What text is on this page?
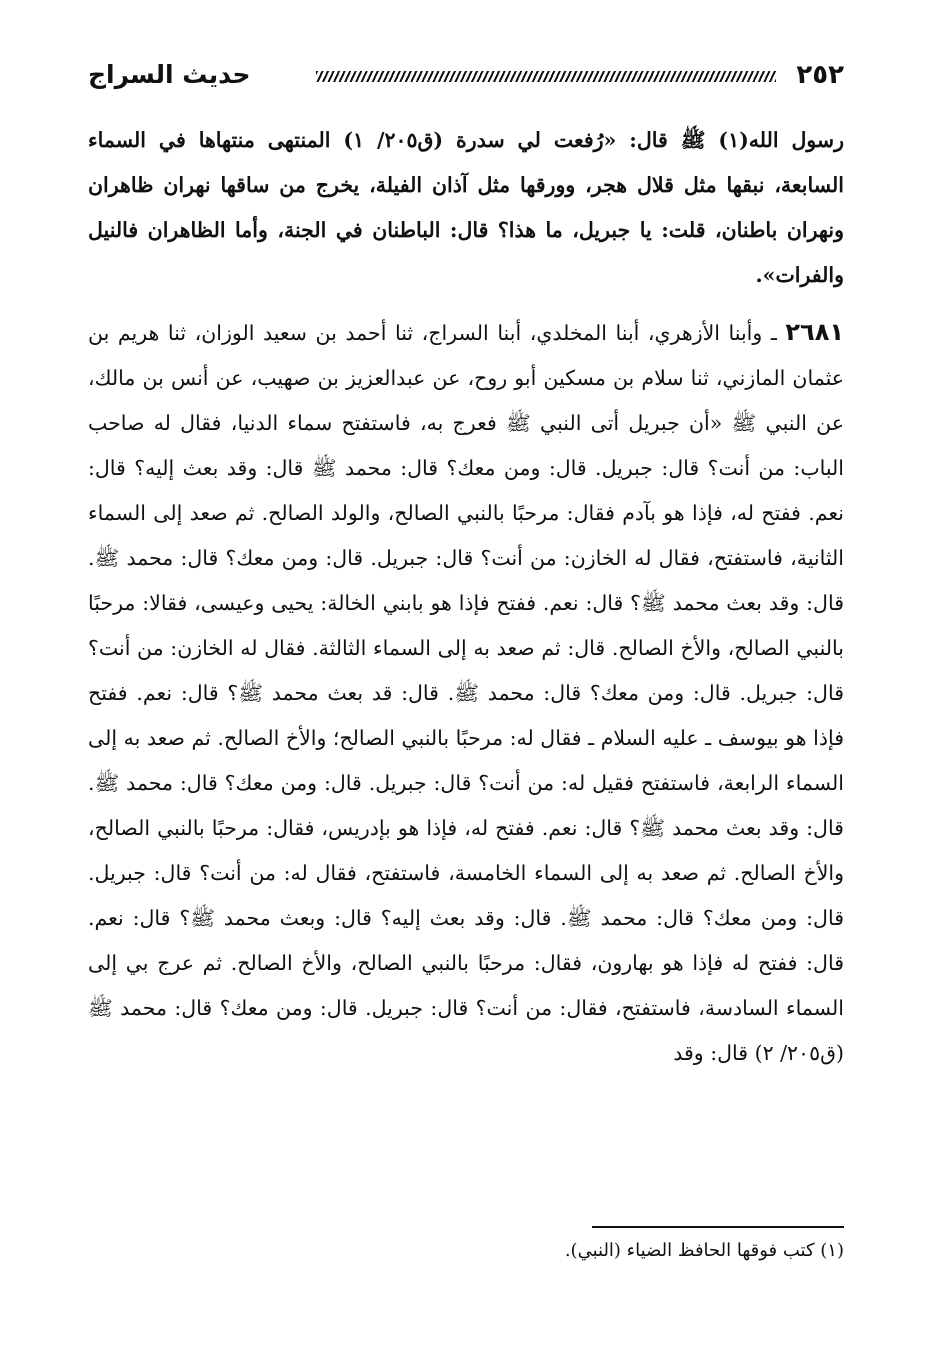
٢٥٢
حديث السراج

رسول الله(١) ﷺ قال: «رُفعت لي سدرة (ق٢٠٥/ ١) المنتهى منتهاها في السماء السابعة، نبقها مثل قلال هجر، وورقها مثل آذان الفيلة، يخرج من ساقها نهران ظاهران ونهران باطنان، قلت: يا جبريل، ما هذا؟ قال: الباطنان في الجنة، وأما الظاهران فالنيل والفرات».

٢٦٨١ ـ وأبنا الأزهري، أبنا المخلدي، أبنا السراج، ثنا أحمد بن سعيد الوزان، ثنا هريم بن عثمان المازني، ثنا سلام بن مسكين أبو روح، عن عبدالعزيز بن صهيب، عن أنس بن مالك، عن النبي ﷺ «أن جبريل أتى النبي ﷺ فعرج به، فاستفتح سماء الدنيا، فقال له صاحب الباب: من أنت؟ قال: جبريل. قال: ومن معك؟ قال: محمد ﷺ قال: وقد بعث إليه؟ قال: نعم. ففتح له، فإذا هو بآدم فقال: مرحبًا بالنبي الصالح، والولد الصالح. ثم صعد إلى السماء الثانية، فاستفتح، فقال له الخازن: من أنت؟ قال: جبريل. قال: ومن معك؟ قال: محمد ﷺ. قال: وقد بعث محمد ﷺ؟ قال: نعم. ففتح فإذا هو بابني الخالة: يحيى وعيسى، فقالا: مرحبًا بالنبي الصالح، والأخ الصالح. قال: ثم صعد به إلى السماء الثالثة. فقال له الخازن: من أنت؟ قال: جبريل. قال: ومن معك؟ قال: محمد ﷺ. قال: قد بعث محمد ﷺ؟ قال: نعم. ففتح فإذا هو بيوسف ـ عليه السلام ـ فقال له: مرحبًا بالنبي الصالح؛ والأخ الصالح. ثم صعد به إلى السماء الرابعة، فاستفتح فقيل له: من أنت؟ قال: جبريل. قال: ومن معك؟ قال: محمد ﷺ. قال: وقد بعث محمد ﷺ؟ قال: نعم. ففتح له، فإذا هو بإدريس، فقال: مرحبًا بالنبي الصالح، والأخ الصالح. ثم صعد به إلى السماء الخامسة، فاستفتح، فقال له: من أنت؟ قال: جبريل. قال: ومن معك؟ قال: محمد ﷺ. قال: وقد بعث إليه؟ قال: وبعث محمد ﷺ؟ قال: نعم. قال: ففتح له فإذا هو بهارون، فقال: مرحبًا بالنبي الصالح، والأخ الصالح. ثم عرج بي إلى السماء السادسة، فاستفتح، فقال: من أنت؟ قال: جبريل. قال: ومن معك؟ قال: محمد ﷺ (ق٢٠٥/ ٢) قال: وقد

(١) كتب فوقها الحافظ الضياء (النبي).
